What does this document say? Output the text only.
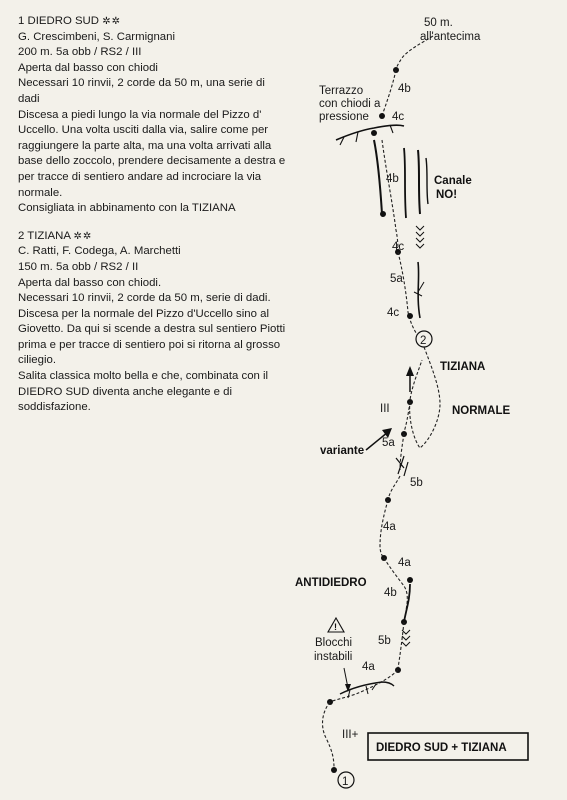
1 DIEDRO SUD ✲✲

G. Crescimbeni, S. Carmignani

200 m. 5a obb / RS2 / III

Aperta dal basso con chiodi

Necessari 10 rinvii, 2 corde da 50 m, una serie di dadi

Discesa a piedi lungo la via normale del Pizzo d' Uccello. Una volta usciti dalla via, salire come per raggiungere la parte alta, ma una volta arrivati alla base dello zoccolo, prendere decisamente a destra e per tracce di sentiero andare ad incrociare la via normale.

Consigliata in abbinamento con la TIZIANA

2 TIZIANA ✲✲

C. Ratti, F. Codega, A. Marchetti

150 m. 5a obb / RS2 / II

Aperta dal basso con chiodi.

Necessari 10 rinvii, 2 corde da 50 m, serie di dadi.

Discesa per la normale del Pizzo d'Uccello sino al Giovetto. Da qui si scende a destra sul sentiero Piotti prima e per tracce di sentiero poi si ritorna al grosso ciliegio.

Salita classica molto bella e che, combinata con il DIEDRO SUD diventa anche elegante e di soddisfazione.

2
1
!
50 m.
all'antecima
Terrazzo
con chiodi a
pressione
Canale
NO!
TIZIANA
NORMALE
variante
ANTIDIEDRO
Blocchi
instabili
4b
4c
4b
4c
5a
4c
III
5a
5b
4a
4a
4b
5b
4a
III+
DIEDRO SUD + TIZIANA
